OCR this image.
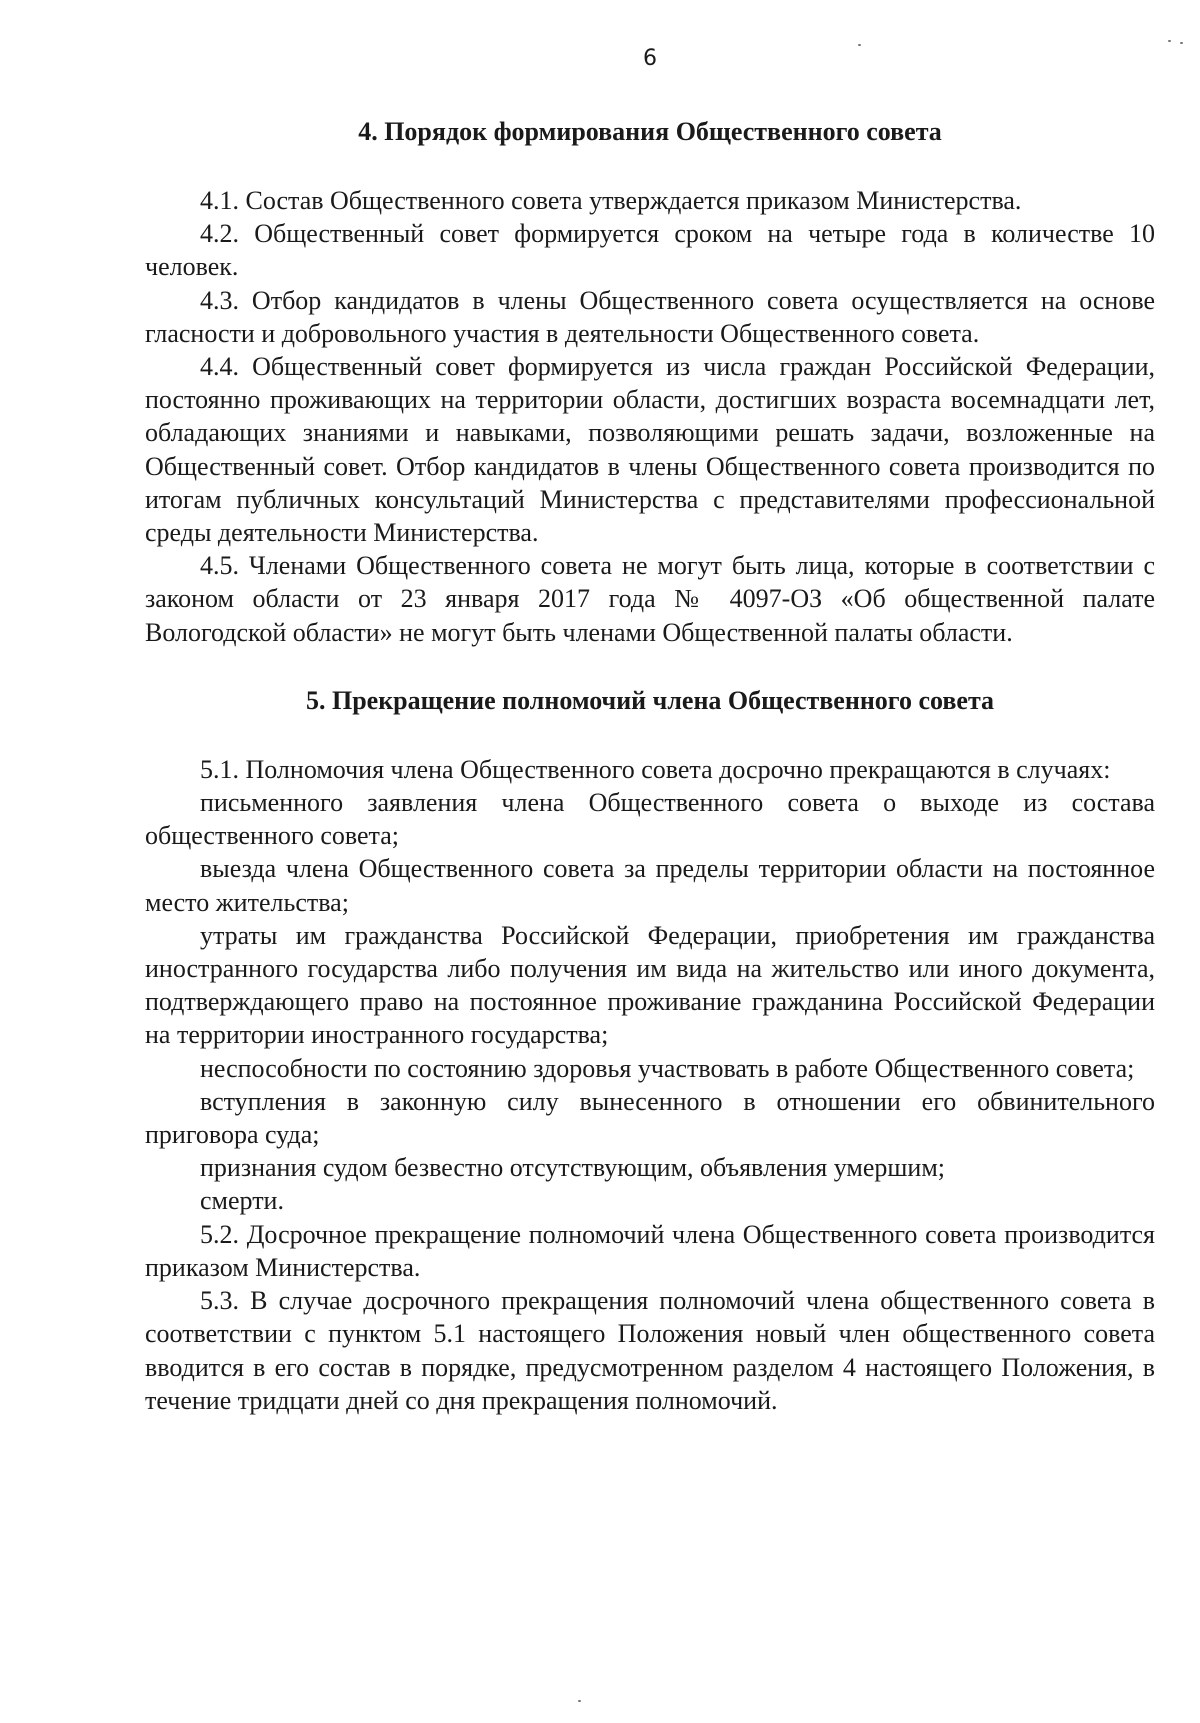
6
4. Порядок формирования Общественного совета

4.1. Состав Общественного совета утверждается приказом Министерства.

4.2. Общественный совет формируется сроком на четыре года в количестве 10 человек.

4.3. Отбор кандидатов в члены Общественного совета осуществляется на основе гласности и добровольного участия в деятельности Общественного совета.

4.4. Общественный совет формируется из числа граждан Российской Федерации, постоянно проживающих на территории области, достигших возраста восемнадцати лет, обладающих знаниями и навыками, позволяющими решать задачи, возложенные на Общественный совет. Отбор кандидатов в члены Общественного совета производится по итогам публичных консультаций Министерства с представителями профессиональной среды деятельности Министерства.

4.5. Членами Общественного совета не могут быть лица, которые в соответствии с законом области от 23 января 2017 года № 4097-ОЗ «Об общественной палате Вологодской области» не могут быть членами Общественной палаты области.

5. Прекращение полномочий члена Общественного совета

5.1. Полномочия члена Общественного совета досрочно прекращаются в случаях:

письменного заявления члена Общественного совета о выходе из состава общественного совета;

выезда члена Общественного совета за пределы территории области на постоянное место жительства;

утраты им гражданства Российской Федерации, приобретения им гражданства иностранного государства либо получения им вида на жительство или иного документа, подтверждающего право на постоянное проживание гражданина Российской Федерации на территории иностранного государства;

неспособности по состоянию здоровья участвовать в работе Общественного совета;

вступления в законную силу вынесенного в отношении его обвинительного приговора суда;

признания судом безвестно отсутствующим, объявления умершим;

смерти.

5.2. Досрочное прекращение полномочий члена Общественного совета производится приказом Министерства.

5.3. В случае досрочного прекращения полномочий члена общественного совета в соответствии с пунктом 5.1 настоящего Положения новый член общественного совета вводится в его состав в порядке, предусмотренном разделом 4 настоящего Положения, в течение тридцати дней со дня прекращения полномочий.
